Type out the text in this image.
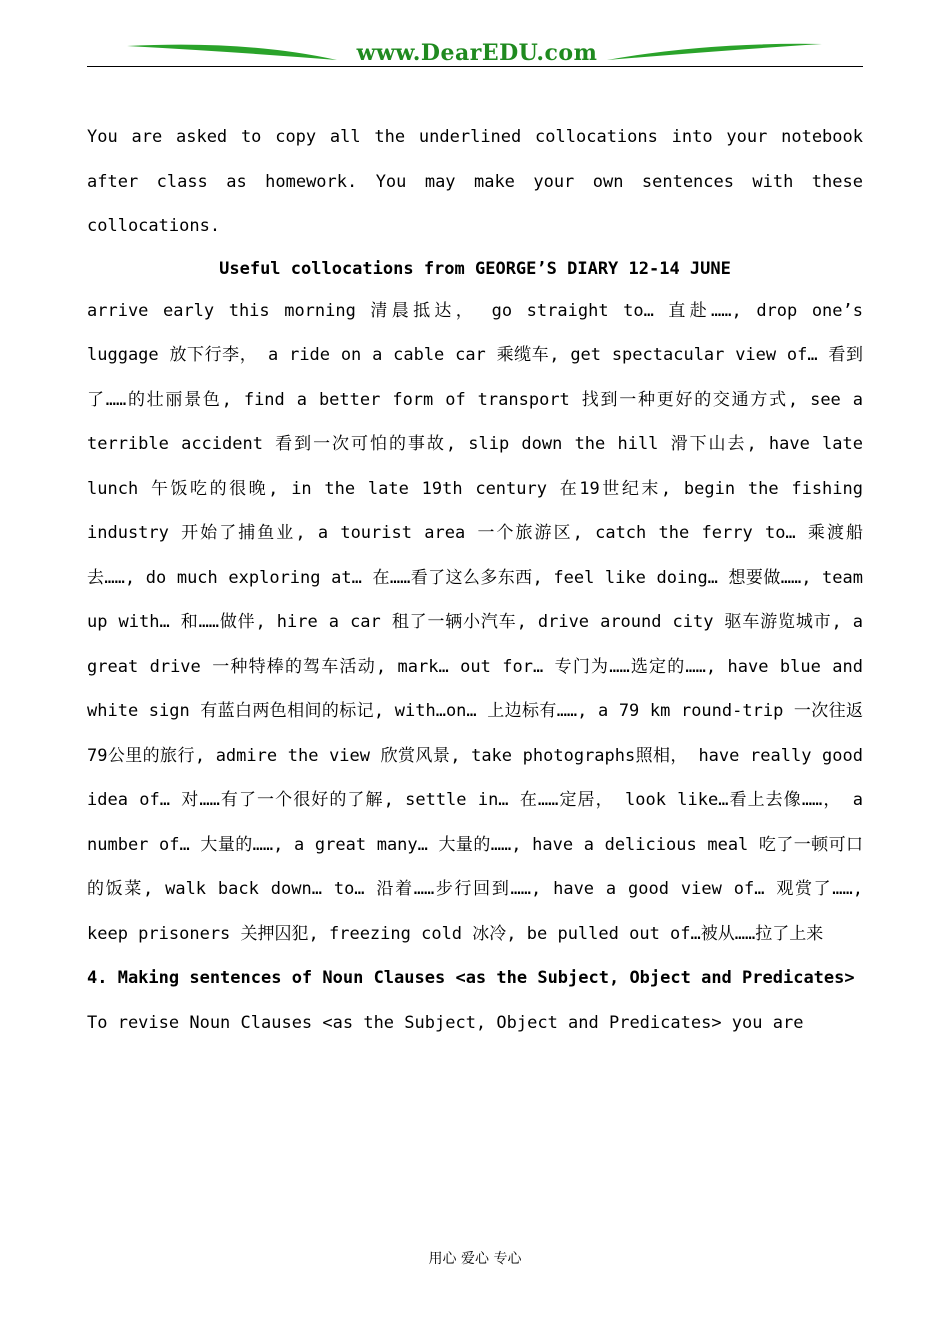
www.DearEDU.com

You are asked to copy all the underlined collocations into your notebook after class as homework. You may make your own sentences with these collocations.

Useful collocations from GEORGE’S DIARY 12-14 JUNE

arrive early this morning 清晨抵达， go straight to… 直赴……, drop one’s luggage 放下行李， a ride on a cable car 乘缆车, get spectacular view of… 看到了……的壮丽景色, find a better form of transport 找到一种更好的交通方式, see a terrible accident 看到一次可怕的事故, slip down the hill 滑下山去, have late lunch 午饭吃的很晚, in the late 19th century 在19世纪末, begin the fishing industry 开始了捕鱼业, a tourist area 一个旅游区, catch the ferry to… 乘渡船去……, do much exploring at… 在……看了这么多东西, feel like doing… 想要做……, team up with… 和……做伴, hire a car 租了一辆小汽车, drive around city 驱车游览城市, a great drive 一种特棒的驾车活动, mark… out for… 专门为……选定的……, have blue and white sign 有蓝白两色相间的标记, with…on… 上边标有……, a 79 km round-trip 一次往返79公里的旅行, admire the view 欣赏风景, take photographs照相， have really good idea of… 对……有了一个很好的了解, settle in… 在……定居， look like…看上去像……， a number of… 大量的……, a great many… 大量的……, have a delicious meal 吃了一顿可口的饭菜, walk back down… to… 沿着……步行回到……, have a good view of… 观赏了……, keep prisoners 关押囚犯, freezing cold 冰冷, be pulled out of…被从……拉了上来

4. Making sentences of Noun Clauses <as the Subject, Object and Predicates>

To revise Noun Clauses <as the Subject, Object and Predicates> you are

用心 爱心 专心
